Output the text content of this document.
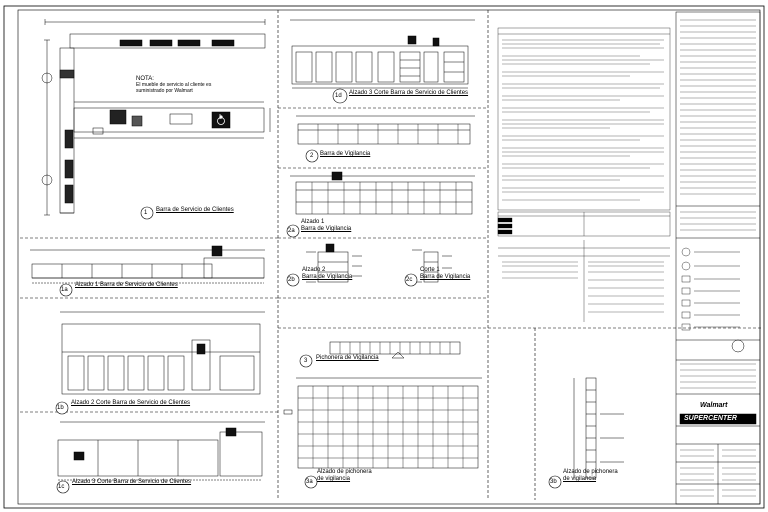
1 Barra de Servicio de Clientes
1a
Alzado 1 Barra de Servicio de Clientes
1b
Alzado 2 Corte Barra de Servicio de Clientes
1c
Alzado 3 Corte Barra de Servicio de Clientes
1d Alzado 3 Corte Barra de Servicio de Clientes
2 Barra de Vigilancia
2a
Alzado 1
Barra de Vigilancia
2b
Alzado 2
Barra de Vigilancia	2c
Corte 1
Barra de Vigilancia
3 Pichonera de Vigilancia
3a
Alzado de pichonera
de vigilancia	3b
Alzado de pichonera
de vigilancia
NOTA:
El mueble de servicio al cliente es
suministrado por Walmart
Walmart
SUPERCENTER
